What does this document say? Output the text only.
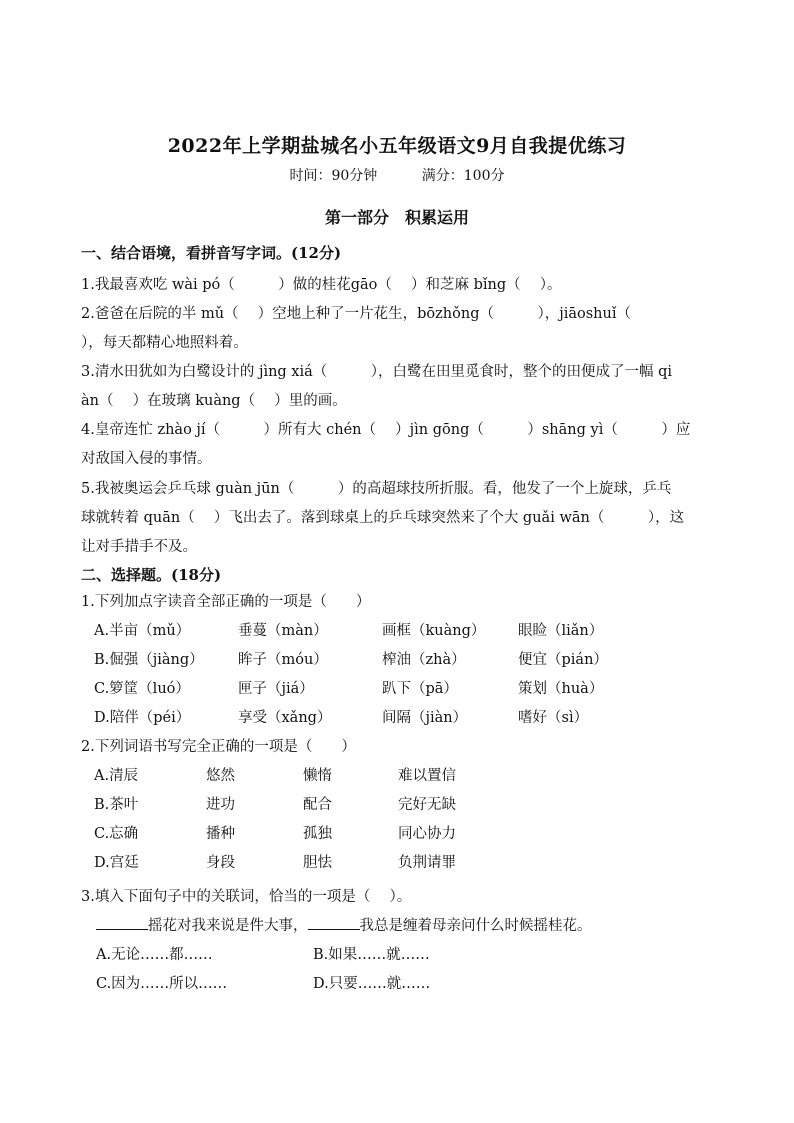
2022年上学期盐城名小五年级语文9月自我提优练习
时间：90分钟	满分：100分
第一部分　积累运用
一、结合语境，看拼音写字词。(12分)
1.我最喜欢吃 wài pó（　　　）做的桂花gāo（　 ）和芝麻 bǐng（　 ）。
2.爸爸在后院的半 mǔ（　 ）空地上种了一片花生，bōzhǒng（　　　），jiāoshuǐ（
），每天都精心地照料着。
3.清水田犹如为白鹭设计的 jìng xiá（　　　），白鹭在田里觅食时，整个的田便成了一幅 qi
àn（　 ）在玻璃 kuàng（　 ）里的画。
4.皇帝连忙 zhào jí（　　　）所有大 chén（　 ）jìn gōng（　　　）shāng yì（　　　）应
对敌国入侵的事情。
5.我被奥运会乒乓球 guàn jūn（　　　）的高超球技所折服。看，他发了一个上旋球，乒乓
球就转着 quān（　 ）飞出去了。落到球桌上的乒乓球突然来了个大 guǎi wān（　　　），这
让对手措手不及。
二、选择题。(18分)
1.下列加点字读音全部正确的一项是（　　）
A.半亩（mǔ）	垂蔓（màn）	画框（kuàng） 眼睑（liǎn）
B.倔强（jiàng） 眸子（móu）	榨油（zhà）	便宜（pián）
C.箩筐（luó）	匣子（jiá）	趴下（pā）	策划（huà）
D.陪伴（péi）	享受（xǎng）	间隔（jiàn）	嗜好（sì）
2.下列词语书写完全正确的一项是（　　）
A.清辰	悠然	懒惰	难以置信
B.茶叶	进功	配合	完好无缺
C.忘确	播种	孤独	同心协力
D.宫廷	身段	胆怯	负荆请罪
3.填入下面句子中的关联词，恰当的一项是（　 ）。
摇花对我来说是件大事，	我总是缠着母亲问什么时候摇桂花。
A.无论……都……	B.如果……就……
C.因为……所以……	D.只要……就……
